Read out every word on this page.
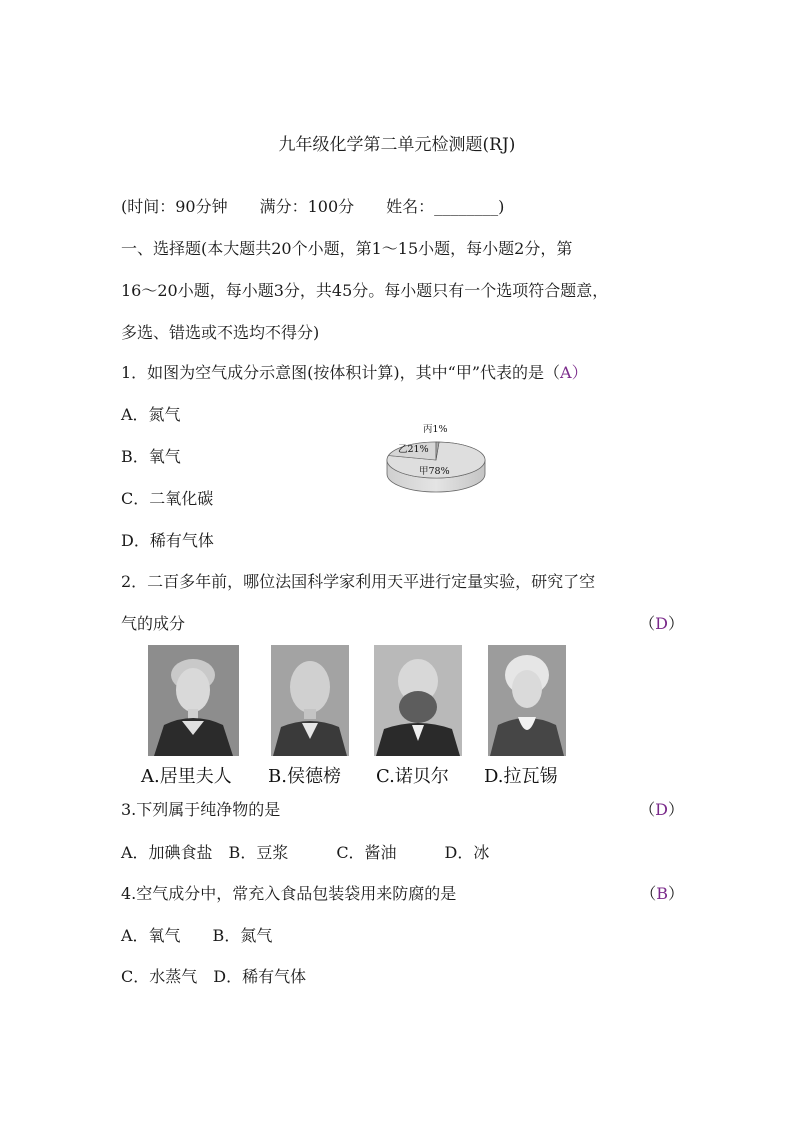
九年级化学第二单元检测题(RJ)
(时间：90分钟　　满分：100分　　姓名：________)
一、选择题(本大题共20个小题，第1～15小题，每小题2分，第
16～20小题，每小题3分，共45分。每小题只有一个选项符合题意，
多选、错选或不选均不得分)
1．如图为空气成分示意图(按体积计算)，其中“甲”代表的是（A）
A．氮气
B．氧气
C．二氧化碳
D．稀有气体
丙1%
乙21%
甲78%
2．二百多年前，哪位法国科学家利用天平进行定量实验，研究了空
气的成分	（D）
A.居里夫人 B.侯德榜 C.诺贝尔 D.拉瓦锡
3.下列属于纯净物的是	（D）
A．加碘食盐　B．豆浆　　　C．酱油　　　D．冰
4.空气成分中，常充入食品包装袋用来防腐的是	（B）
A．氧气　　B．氮气
C．水蒸气　D．稀有气体
